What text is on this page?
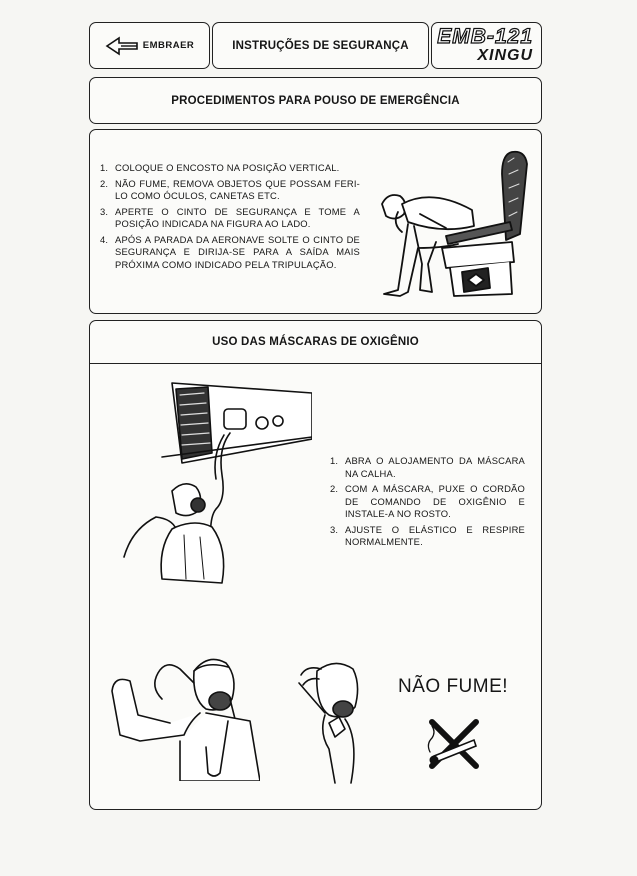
EMBRAER	INSTRUÇÕES DE SEGURANÇA	EMB-121
XINGU
PROCEDIMENTOS PARA POUSO DE EMERGÊNCIA
1. COLOQUE O ENCOSTO NA POSIÇÃO VERTICAL.
2. NÃO FUME, REMOVA OBJETOS QUE POSSAM FERI-LO COMO ÓCULOS, CANETAS ETC.
3. APERTE O CINTO DE SEGURANÇA E TOME A POSIÇÃO INDICADA NA FIGURA AO LADO.
4. APÓS A PARADA DA AERONAVE SOLTE O CINTO DE SEGURANÇA E DIRIJA-SE PARA A SAÍDA MAIS PRÓXIMA COMO INDICADO PELA TRIPULAÇÃO.
USO DAS MÁSCARAS DE OXIGÊNIO
1. ABRA O ALOJAMENTO DA MÁSCARA NA CALHA.
2. COM A MÁSCARA, PUXE O CORDÃO DE COMANDO DE OXIGÊNIO E INSTALE-A NO ROSTO.
3. AJUSTE O ELÁSTICO E RESPIRE NORMALMENTE.
NÃO FUME!
